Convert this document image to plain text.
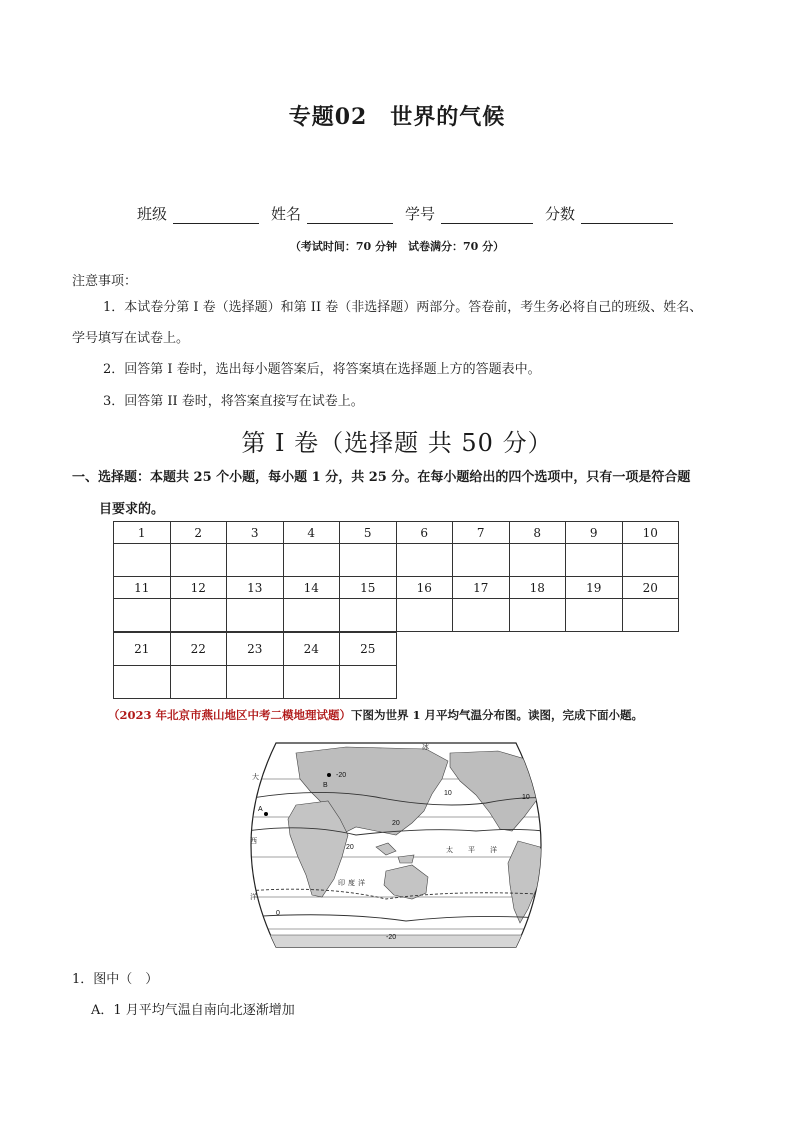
专题02　世界的气候
班级	姓名	学号	分数
（考试时间：70 分钟　试卷满分：70 分）
注意事项：
1．本试卷分第 I 卷（选择题）和第 II 卷（非选择题）两部分。答卷前，考生务必将自己的班级、姓名、
学号填写在试卷上。
2．回答第 I 卷时，选出每小题答案后，将答案填在选择题上方的答题表中。
3．回答第 II 卷时，将答案直接写在试卷上。
第 I 卷（选择题 共 50 分）
一、选择题：本题共 25 个小题，每小题 1 分，共 25 分。在每小题给出的四个选项中，只有一项是符合题
目要求的。
1	2	3	4	5	6	7	8	9	10

11	12	13	14	15	16	17	18	19	20

21	22	23	24	25

（2023 年北京市燕山地区中考二模地理试题）下图为世界 1 月平均气温分布图。读图，完成下面小题。
A
B
冰
太 平 洋
印 度 洋
西
大
洋
-20
10
20
20
0
10
-20
1．图中（　）
A．1 月平均气温自南向北逐渐增加
